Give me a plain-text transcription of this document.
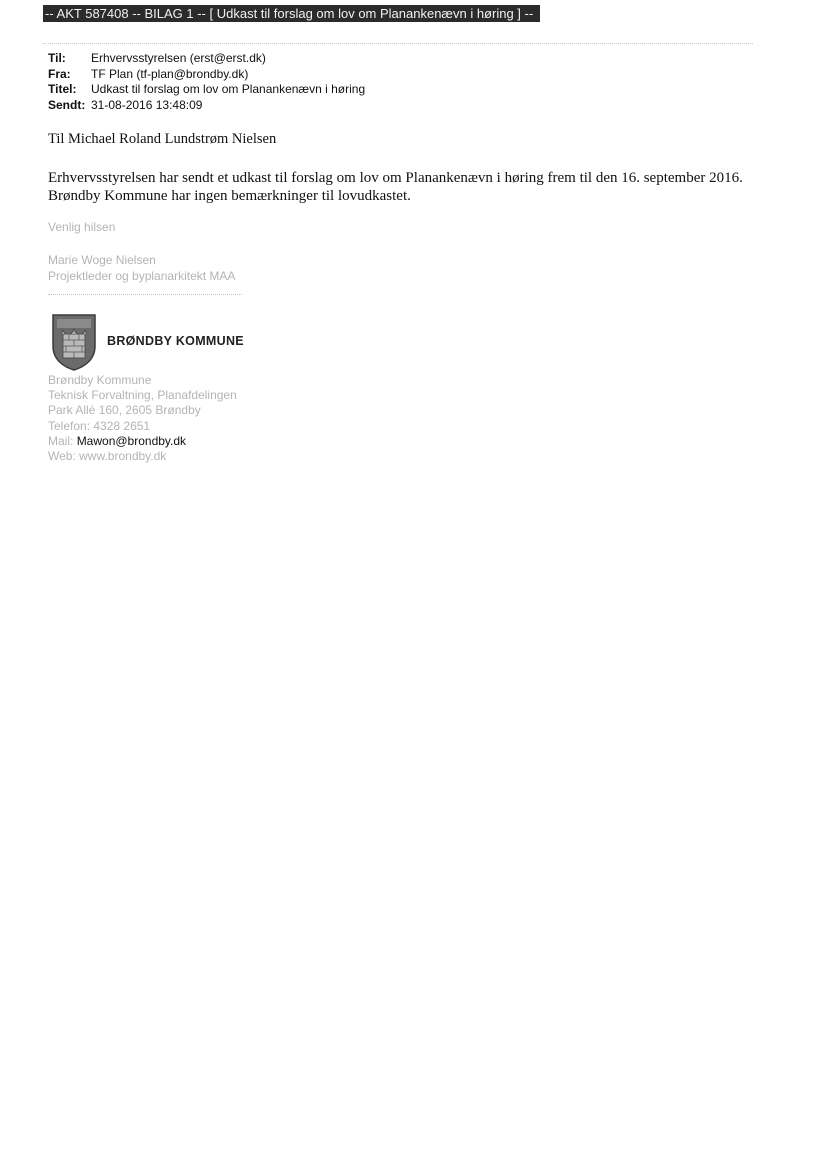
-- AKT 587408 -- BILAG 1 -- [ Udkast til forslag om lov om Planankenævn i høring ] --
Til:	Erhvervsstyrelsen (erst@erst.dk)
Fra:	TF Plan (tf-plan@brondby.dk)
Titel:	Udkast til forslag om lov om Planankenævn i høring
Sendt: 31-08-2016 13:48:09
Til Michael Roland Lundstrøm Nielsen
Erhvervsstyrelsen har sendt et udkast til forslag om lov om Planankenævn i høring frem til den 16. september 2016.
Brøndby Kommune har ingen bemærkninger til lovudkastet.
Venlig hilsen
Marie Woge Nielsen
Projektleder og byplanarkitekt MAA
BRØNDBY KOMMUNE
Brøndby Kommune
Teknisk Forvaltning, Planafdelingen
Park Allé 160, 2605 Brøndby
Telefon: 4328 2651
Mail: Mawon@brondby.dk
Web: www.brondby.dk
